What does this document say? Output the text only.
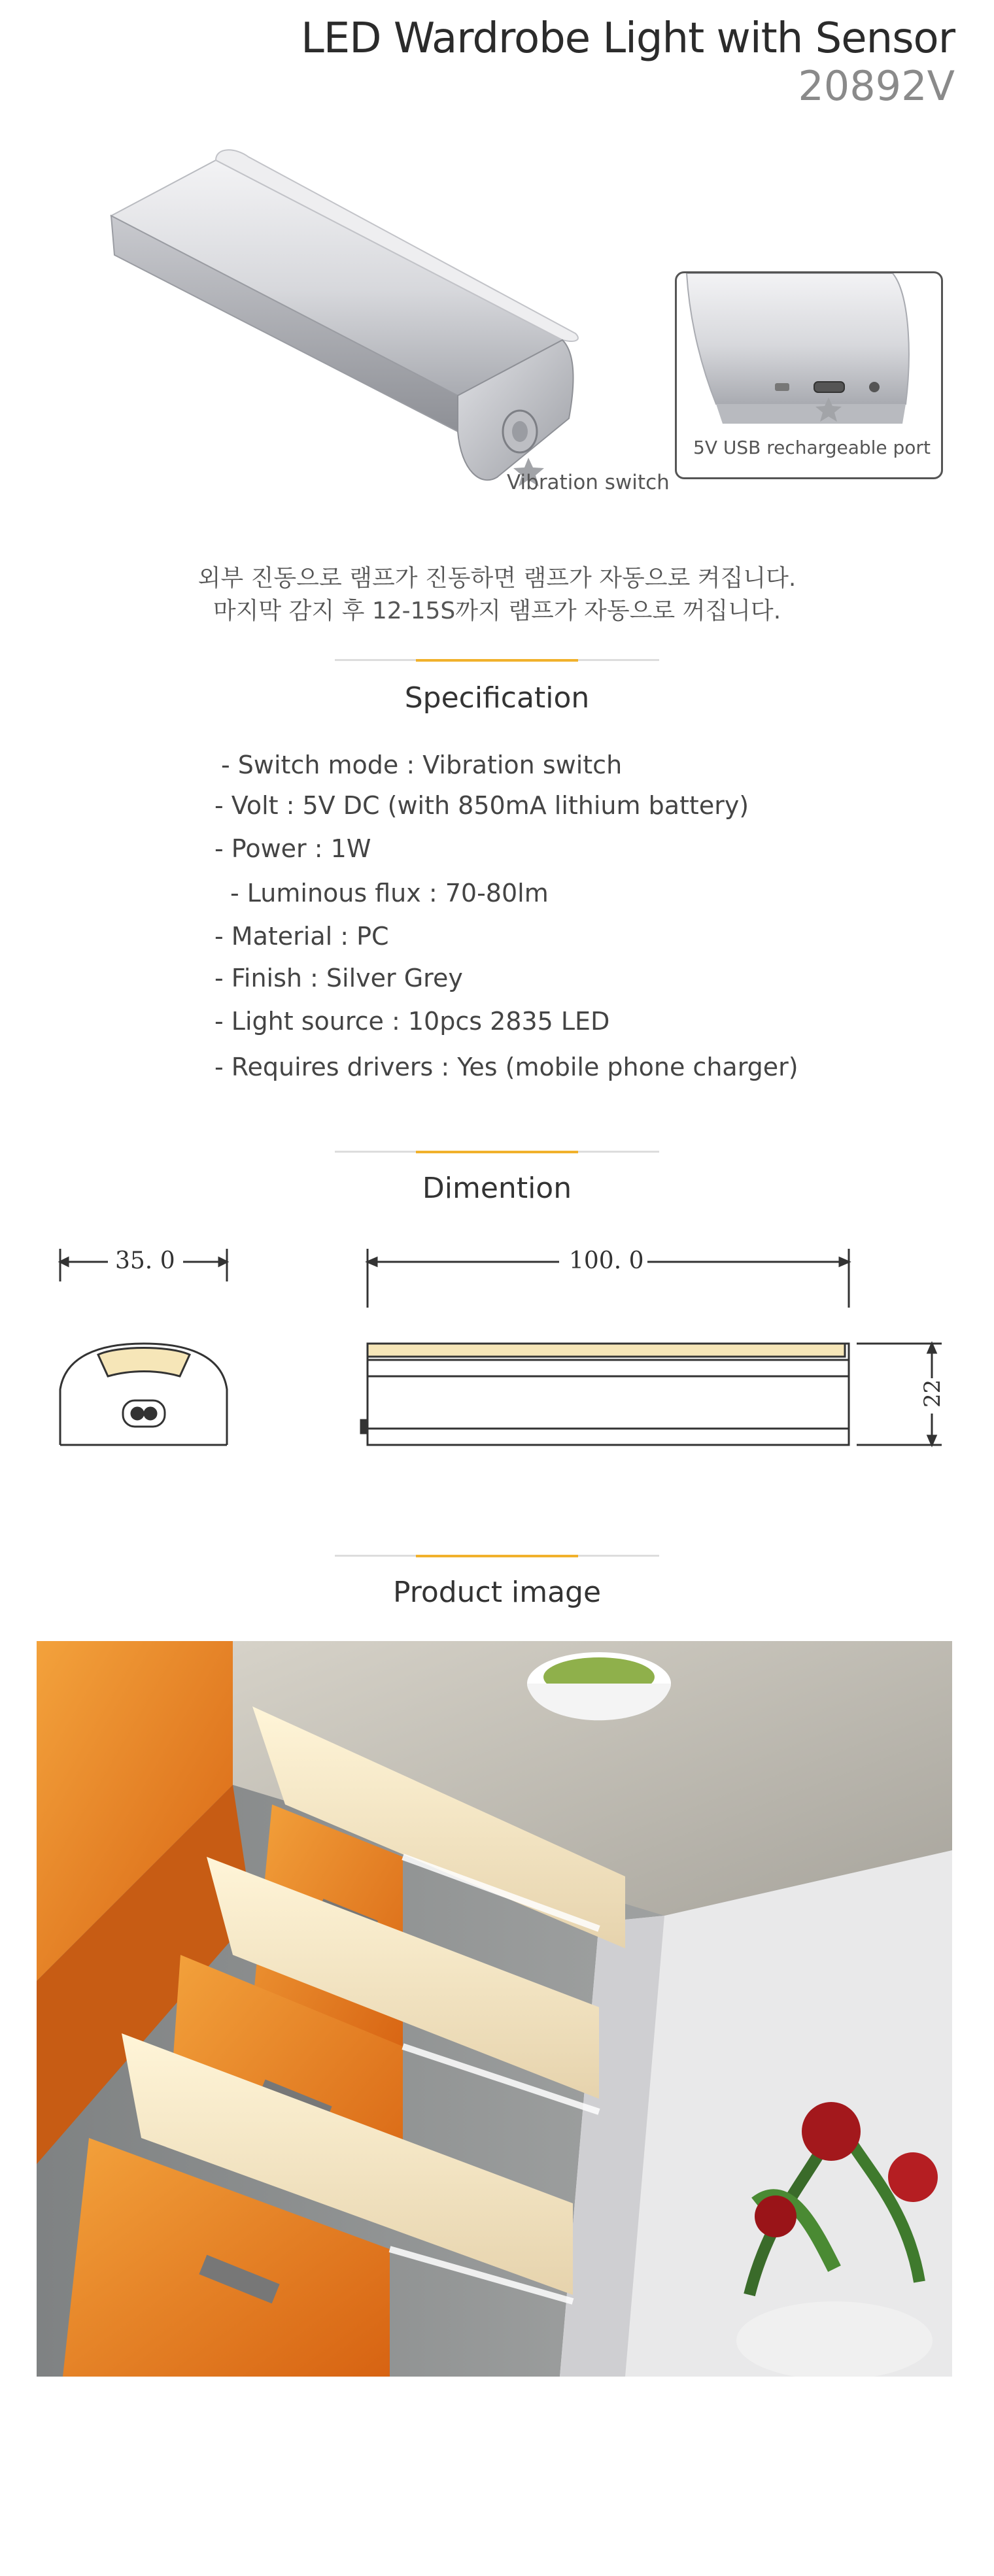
LED Wardrobe Light with Sensor
20892V
Vibration switch
5V USB rechargeable port
외부 진동으로 램프가 진동하면 램프가 자동으로 켜집니다.
마지막 감지 후 12-15S까지 램프가 자동으로 꺼집니다.
Specification
- Switch mode : Vibration switch
- Volt : 5V DC (with 850mA lithium battery)
- Power : 1W
- Luminous flux : 70-80lm
- Material : PC
- Finish : Silver Grey
- Light source : 10pcs 2835 LED
- Requires drivers : Yes (mobile phone charger)
Dimention
35. 0	100. 0
22
Product image
